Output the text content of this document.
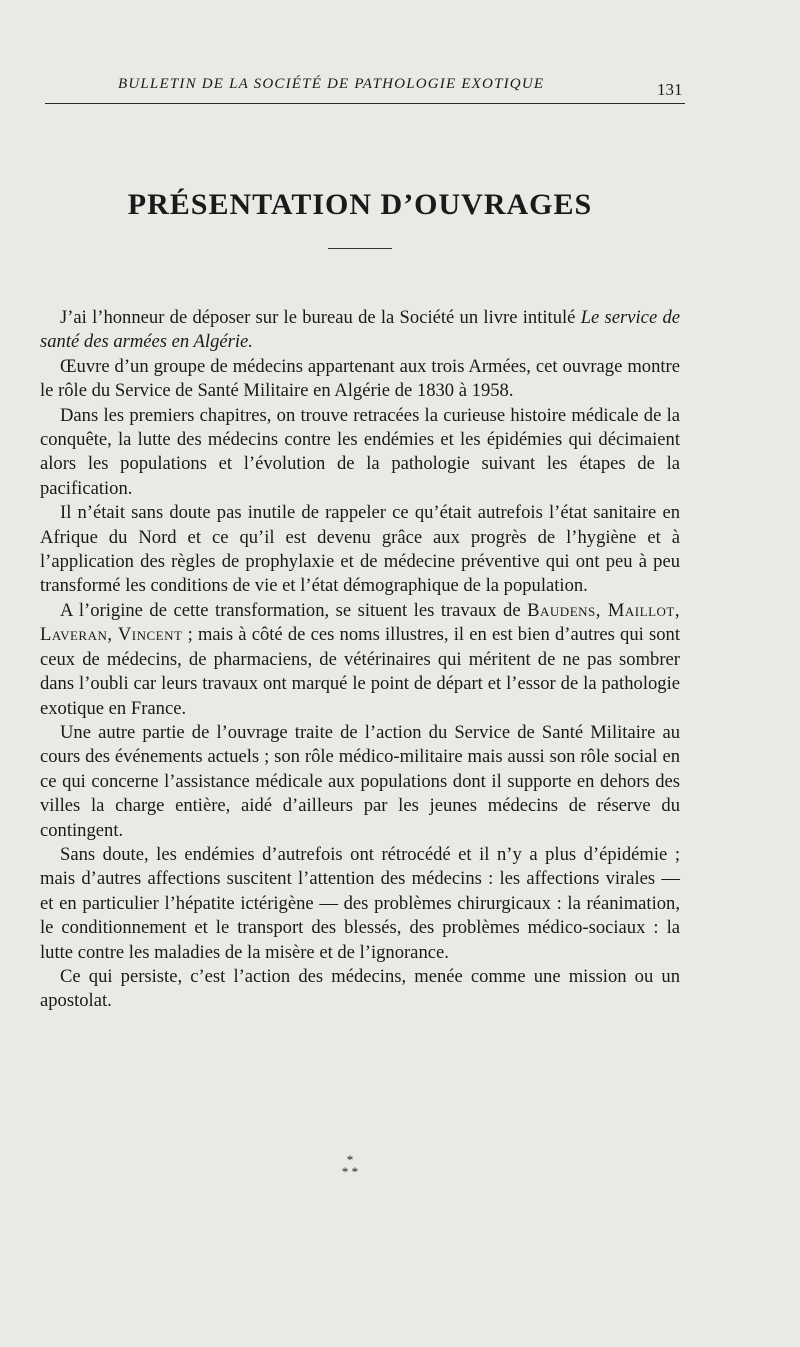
BULLETIN DE LA SOCIÉTÉ DE PATHOLOGIE EXOTIQUE	131
PRÉSENTATION D’OUVRAGES

J’ai l’honneur de déposer sur le bureau de la Société un livre intitulé Le service de santé des armées en Algérie.

Œuvre d’un groupe de médecins appartenant aux trois Armées, cet ouvrage montre le rôle du Service de Santé Militaire en Algérie de 1830 à 1958.

Dans les premiers chapitres, on trouve retracées la curieuse histoire médicale de la conquête, la lutte des médecins contre les endémies et les épidémies qui décimaient alors les populations et l’évolution de la pathologie suivant les étapes de la pacification.

Il n’était sans doute pas inutile de rappeler ce qu’était autrefois l’état sanitaire en Afrique du Nord et ce qu’il est devenu grâce aux progrès de l’hygiène et à l’application des règles de prophylaxie et de médecine préventive qui ont peu à peu transformé les conditions de vie et l’état démographique de la population.

A l’origine de cette transformation, se situent les travaux de Baudens, Maillot, Laveran, Vincent ; mais à côté de ces noms illustres, il en est bien d’autres qui sont ceux de médecins, de pharmaciens, de vétérinaires qui méritent de ne pas sombrer dans l’oubli car leurs travaux ont marqué le point de départ et l’essor de la pathologie exotique en France.

Une autre partie de l’ouvrage traite de l’action du Service de Santé Militaire au cours des événements actuels ; son rôle médico-militaire mais aussi son rôle social en ce qui concerne l’assistance médicale aux populations dont il supporte en dehors des villes la charge entière, aidé d’ailleurs par les jeunes médecins de réserve du contingent.

Sans doute, les endémies d’autrefois ont rétrocédé et il n’y a plus d’épidémie ; mais d’autres affections suscitent l’attention des médecins : les affections virales — et en particulier l’hépatite ictérigène — des problèmes chirurgicaux : la réanimation, le conditionnement et le transport des blessés, des problèmes médico-sociaux : la lutte contre les maladies de la misère et de l’ignorance.

Ce qui persiste, c’est l’action des médecins, menée comme une mission ou un apostolat.

*
* *
